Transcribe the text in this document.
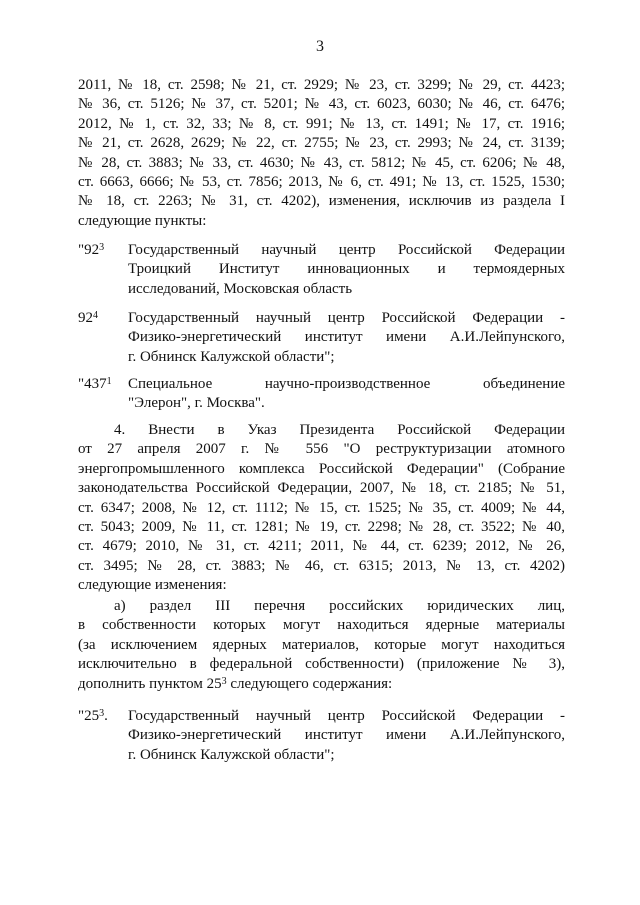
3
2011, № 18, ст. 2598; № 21, ст. 2929; № 23, ст. 3299; № 29, ст. 4423;
№ 36, ст. 5126; № 37, ст. 5201; № 43, ст. 6023, 6030; № 46, ст. 6476;
2012, № 1, ст. 32, 33; № 8, ст. 991; № 13, ст. 1491; № 17, ст. 1916;
№ 21, ст. 2628, 2629; № 22, ст. 2755; № 23, ст. 2993; № 24, ст. 3139;
№ 28, ст. 3883; № 33, ст. 4630; № 43, ст. 5812; № 45, ст. 6206; № 48,
ст. 6663, 6666; № 53, ст. 7856; 2013, № 6, ст. 491; № 13, ст. 1525, 1530;
№ 18, ст. 2263; № 31, ст. 4202), изменения, исключив из раздела I
следующие пункты:
"$92^3$	Государственный научный центр Российской Федерации
Троицкий Институт инновационных и термоядерных
исследований, Московская область
$92^4$	Государственный научный центр Российской Федерации -
Физико-энергетический институт имени А.И.Лейпунского,
г. Обнинск Калужской области";
"$437^1$	Специальное научно-производственное объединение
"Элерон", г. Москва".
4. Внести в Указ Президента Российской Федерации
от 27 апреля 2007 г. № 556 "О реструктуризации атомного
энергопромышленного комплекса Российской Федерации" (Собрание
законодательства Российской Федерации, 2007, № 18, ст. 2185; № 51,
ст. 6347; 2008, № 12, ст. 1112; № 15, ст. 1525; № 35, ст. 4009; № 44,
ст. 5043; 2009, № 11, ст. 1281; № 19, ст. 2298; № 28, ст. 3522; № 40,
ст. 4679; 2010, № 31, ст. 4211; 2011, № 44, ст. 6239; 2012, № 26,
ст. 3495; № 28, ст. 3883; № 46, ст. 6315; 2013, № 13, ст. 4202)
следующие изменения:
а) раздел III перечня российских юридических лиц,
в собственности которых могут находиться ядерные материалы
(за исключением ядерных материалов, которые могут находиться
исключительно в федеральной собственности) (приложение № 3),
дополнить пунктом $25^3$ следующего содержания:
"$25^3$.	Государственный научный центр Российской Федерации -
Физико-энергетический институт имени А.И.Лейпунского,
г. Обнинск Калужской области";
